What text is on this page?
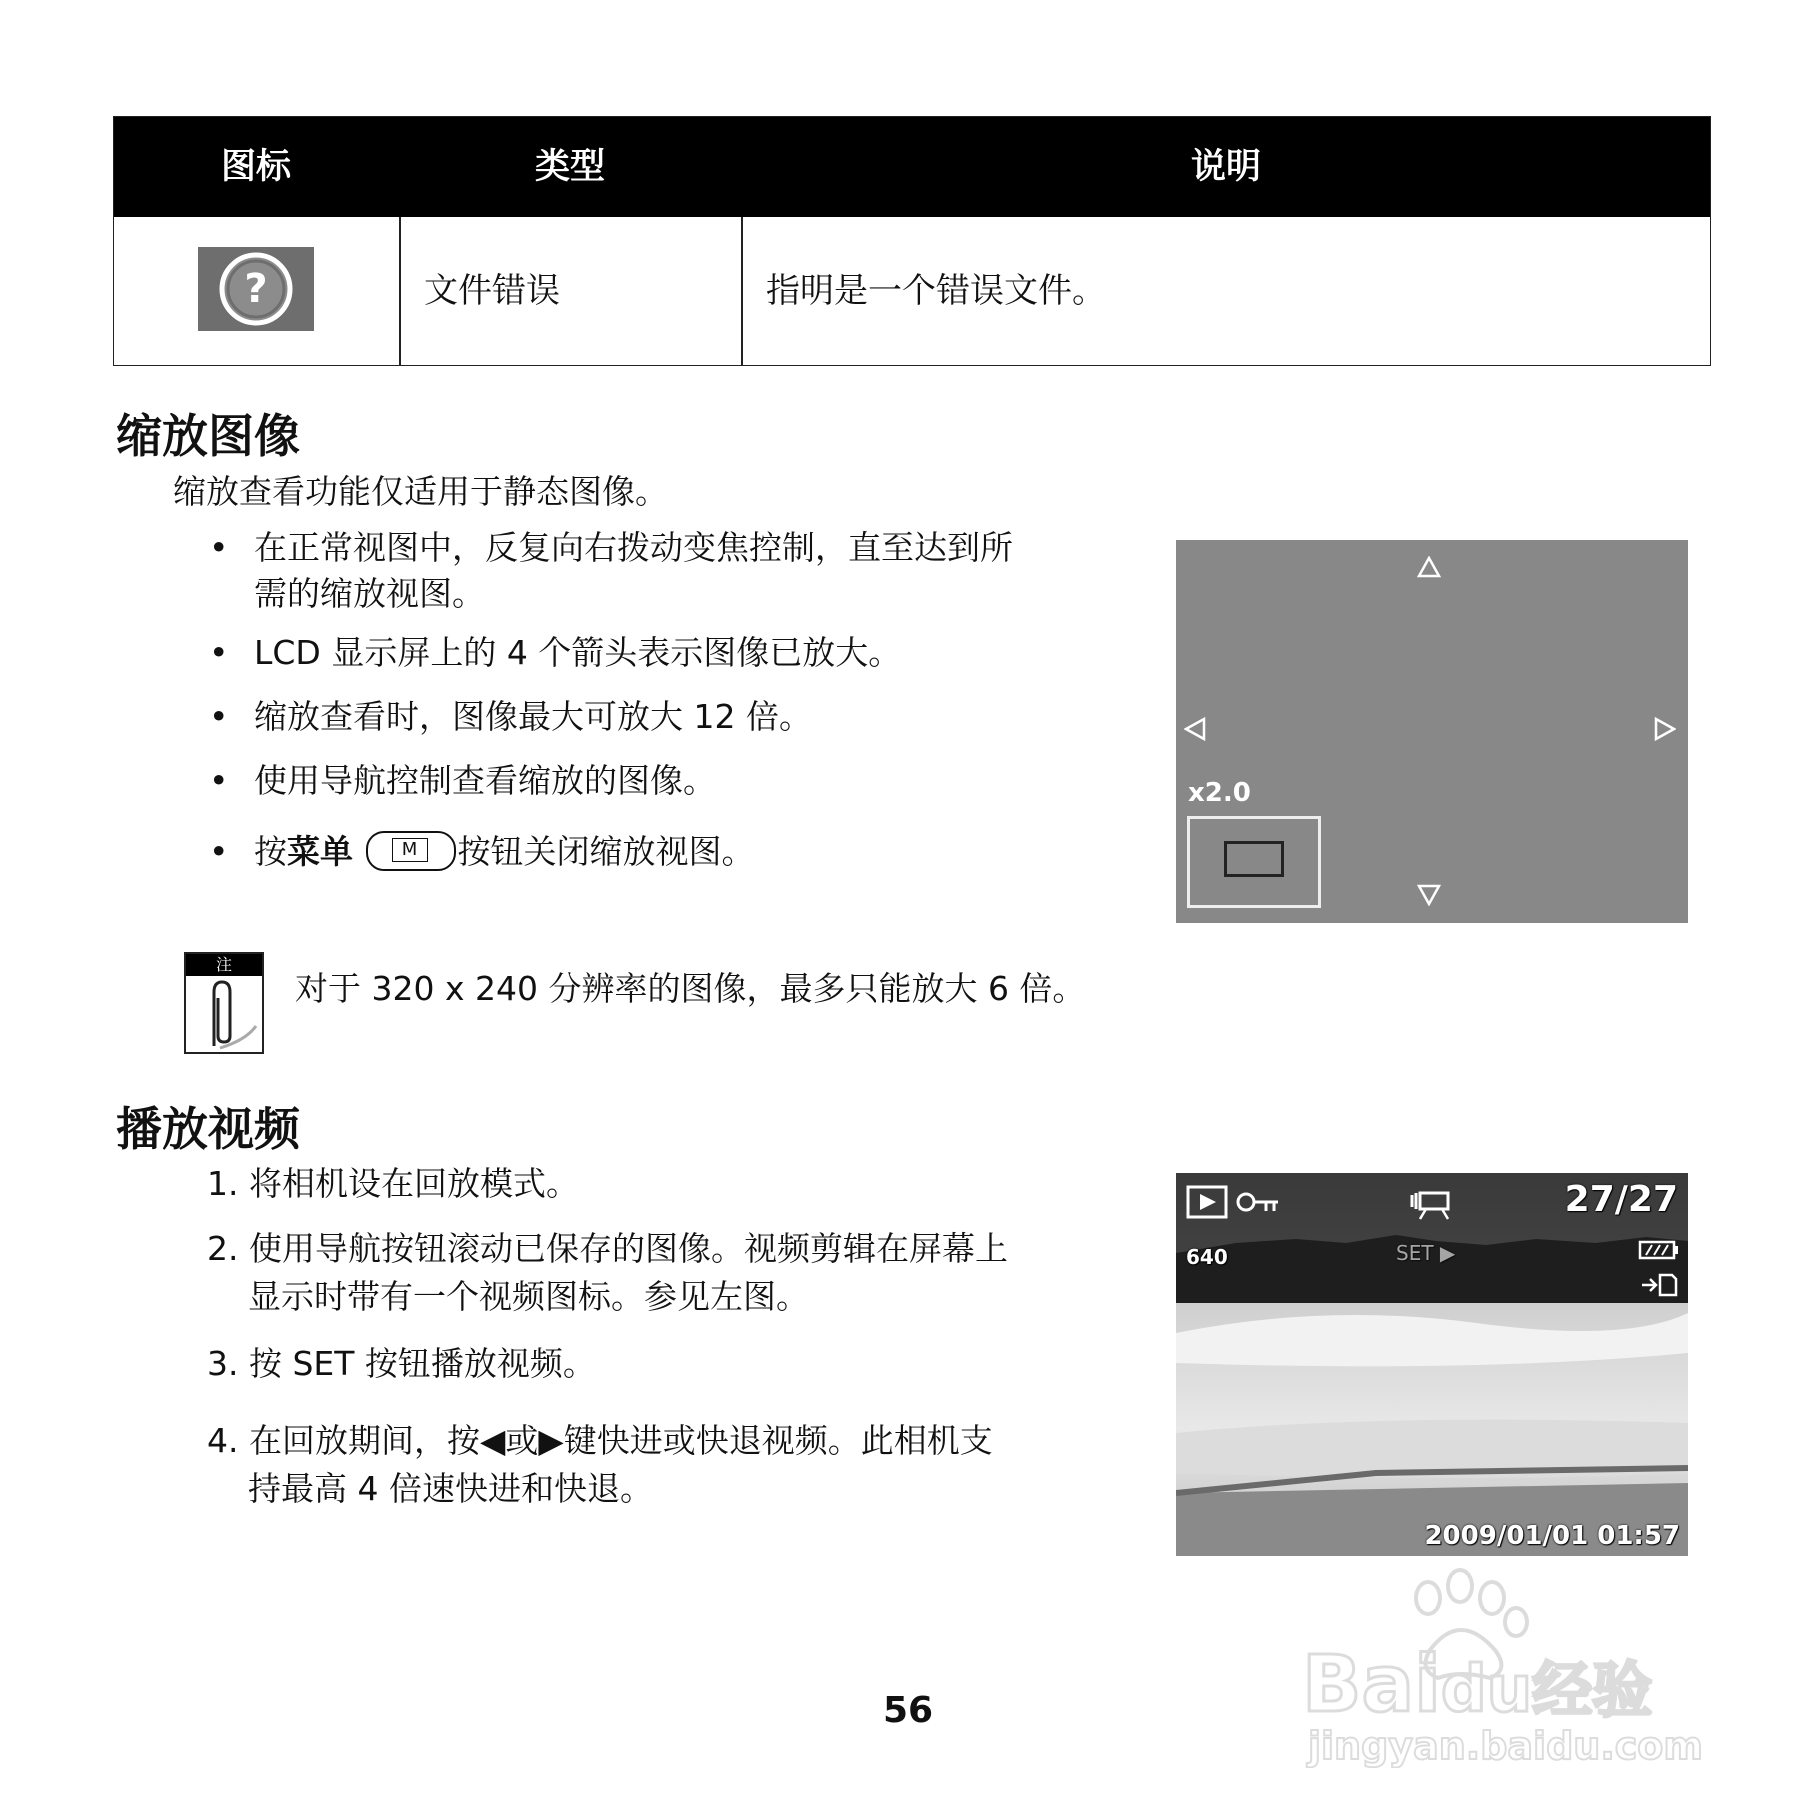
图标	类型	说明
?	文件错误	指明是一个错误文件。
缩放图像
缩放查看功能仅适用于静态图像。
• 在正常视图中，反复向右拨动变焦控制，直至达到所
需的缩放视图。
• LCD 显示屏上的 4 个箭头表示图像已放大。
• 缩放查看时，图像最大可放大 12 倍。
• 使用导航控制查看缩放的图像。
• 按菜单	M	按钮关闭缩放视图。
x2.0
注
对于 320 x 240 分辨率的图像，最多只能放大 6 倍。
播放视频
1. 将相机设在回放模式。
2. 使用导航按钮滚动已保存的图像。视频剪辑在屏幕上
显示时带有一个视频图标。参见左图。
3. 按 SET 按钮播放视频。
4. 在回放期间，按◀或▶键快进或快退视频。此相机支
持最高 4 倍速快进和快退。
27/27
640	SET ▶
2009/01/01 01:57
56	Baidu经验
jingyan.baidu.com
